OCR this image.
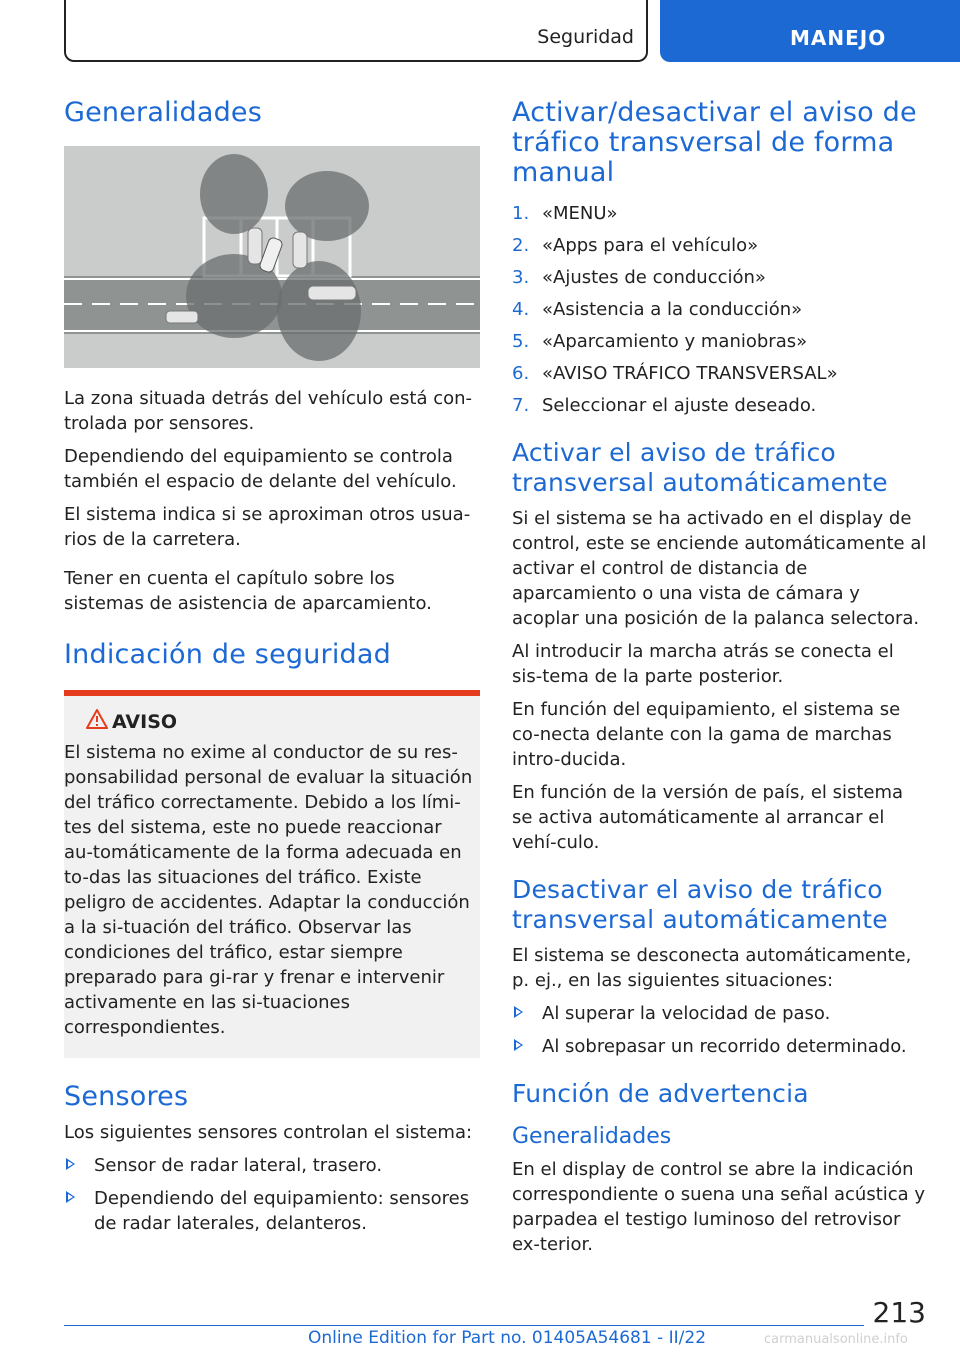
Seguridad	MANEJO
Generalidades

La zona situada detrás del vehículo está con-trolada por sensores.

Dependiendo del equipamiento se controla también el espacio de delante del vehículo.

El sistema indica si se aproximan otros usua-rios de la carretera.

Tener en cuenta el capítulo sobre los sistemas de asistencia de aparcamiento.

Indicación de seguridad
AVISO

El sistema no exime al conductor de su res-ponsabilidad personal de evaluar la situación del tráfico correctamente. Debido a los lími-tes del sistema, este no puede reaccionar au-tomáticamente de la forma adecuada en to-das las situaciones del tráfico. Existe peligro de accidentes. Adaptar la conducción a la si-tuación del tráfico. Observar las condiciones del tráfico, estar siempre preparado para gi-rar y frenar e intervenir activamente en las si-tuaciones correspondientes.

Sensores

Los siguientes sensores controlan el sistema:

Sensor de radar lateral, trasero.
Dependiendo del equipamiento: sensores de radar laterales, delanteros.
Activar/desactivar el aviso de tráfico transversal de forma manual
1. «MENU»
2. «Apps para el vehículo»
3. «Ajustes de conducción»
4. «Asistencia a la conducción»
5. «Aparcamiento y maniobras»
6. «AVISO TRÁFICO TRANSVERSAL»
7. Seleccionar el ajuste deseado.
Activar el aviso de tráfico transversal automáticamente

Si el sistema se ha activado en el display de control, este se enciende automáticamente al activar el control de distancia de aparcamiento o una vista de cámara y acoplar una posición de la palanca selectora.

Al introducir la marcha atrás se conecta el sis-tema de la parte posterior.

En función del equipamiento, el sistema se co-necta delante con la gama de marchas intro-ducida.

En función de la versión de país, el sistema se activa automáticamente al arrancar el vehí-culo.

Desactivar el aviso de tráfico transversal automáticamente

El sistema se desconecta automáticamente, p. ej., en las siguientes situaciones:

Al superar la velocidad de paso.
Al sobrepasar un recorrido determinado.
Función de advertencia
Generalidades

En el display de control se abre la indicación correspondiente o suena una señal acústica y parpadea el testigo luminoso del retrovisor ex-terior.

213
Online Edition for Part no. 01405A54681 - II/22	carmanualsonline.info
